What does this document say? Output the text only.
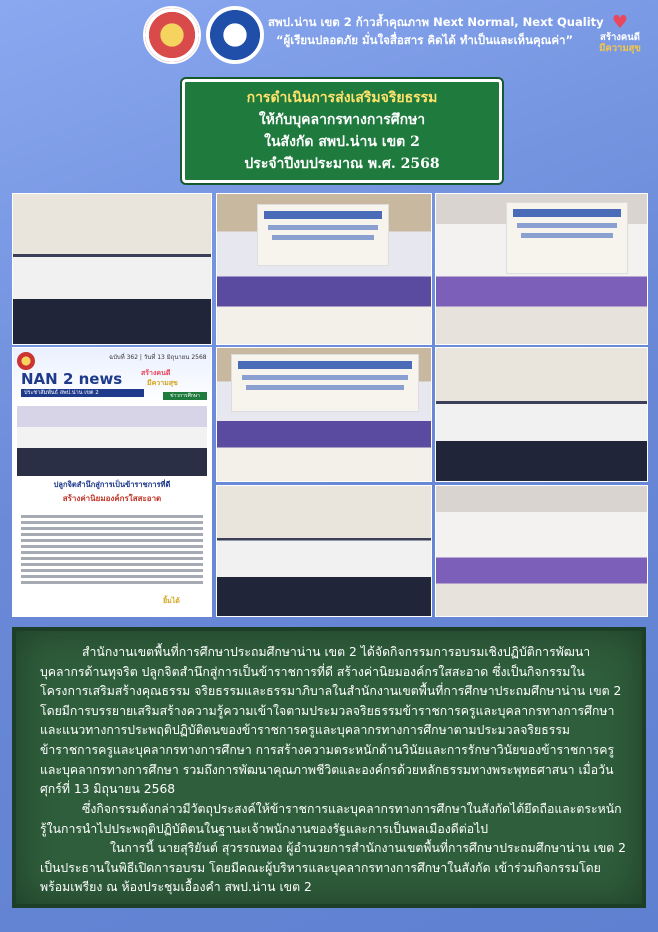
สพป.น่าน เขต 2 ก้าวล้ำคุณภาพ Next Normal, Next Quality
“ผู้เรียนปลอดภัย มั่นใจสื่อสาร คิดได้ ทำเป็นและเห็นคุณค่า”
♥
สร้างคนดี
มีความสุข
การดำเนินการส่งเสริมจริยธรรม
ให้กับบุคลากรทางการศึกษา
ในสังกัด สพป.น่าน เขต 2
ประจำปีงบประมาณ พ.ศ. 2568
ฉบับที่ 362 | วันที่ 13 มิถุนายน 2568
NAN 2 news
ประชาสัมพันธ์ สพป.น่าน เขต 2
สร้างคนดี
มีความสุข
ข่าวการศึกษา
ปลูกจิตสำนึกสู่การเป็นข้าราชการที่ดี
สร้างค่านิยมองค์กรใสสะอาด
ยิ้มได้

สำนักงานเขตพื้นที่การศึกษาประถมศึกษาน่าน เขต 2 ได้จัดกิจกรรมการอบรมเชิงปฏิบัติการพัฒนาบุคลากรด้านทุจริต ปลูกจิตสำนึกสู่การเป็นข้าราชการที่ดี สร้างค่านิยมองค์กรใสสะอาด ซึ่งเป็นกิจกรรมในโครงการเสริมสร้างคุณธรรม จริยธรรมและธรรมาภิบาลในสำนักงานเขตพื้นที่การศึกษาประถมศึกษาน่าน เขต 2 โดยมีการบรรยายเสริมสร้างความรู้ความเข้าใจตามประมวลจริยธรรมข้าราชการครูและบุคลากรทางการศึกษา และแนวทางการประพฤติปฏิบัติตนของข้าราชการครูและบุคลากรทางการศึกษาตามประมวลจริยธรรมข้าราชการครูและบุคลากรทางการศึกษา การสร้างความตระหนักด้านวินัยและการรักษาวินัยของข้าราชการครูและบุคลากรทางการศึกษา รวมถึงการพัฒนาคุณภาพชีวิตและองค์กรด้วยหลักธรรมทางพระพุทธศาสนา เมื่อวันศุกร์ที่ 13 มิถุนายน 2568

ซึ่งกิจกรรมดังกล่าวมีวัตถุประสงค์ให้ข้าราชการและบุคลากรทางการศึกษาในสังกัดได้ยึดถือและตระหนักรู้ในการนำไปประพฤติปฏิบัติตนในฐานะเจ้าพนักงานของรัฐและการเป็นพลเมืองดีต่อไป

ในการนี้ นายสุริยันต์ สุวรรณทอง ผู้อำนวยการสำนักงานเขตพื้นที่การศึกษาประถมศึกษาน่าน เขต 2 เป็นประธานในพิธีเปิดการอบรม โดยมีคณะผู้บริหารและบุคลากรทางการศึกษาในสังกัด เข้าร่วมกิจกรรมโดยพร้อมเพรียง ณ ห้องประชุมเอื้องคำ สพป.น่าน เขต 2
